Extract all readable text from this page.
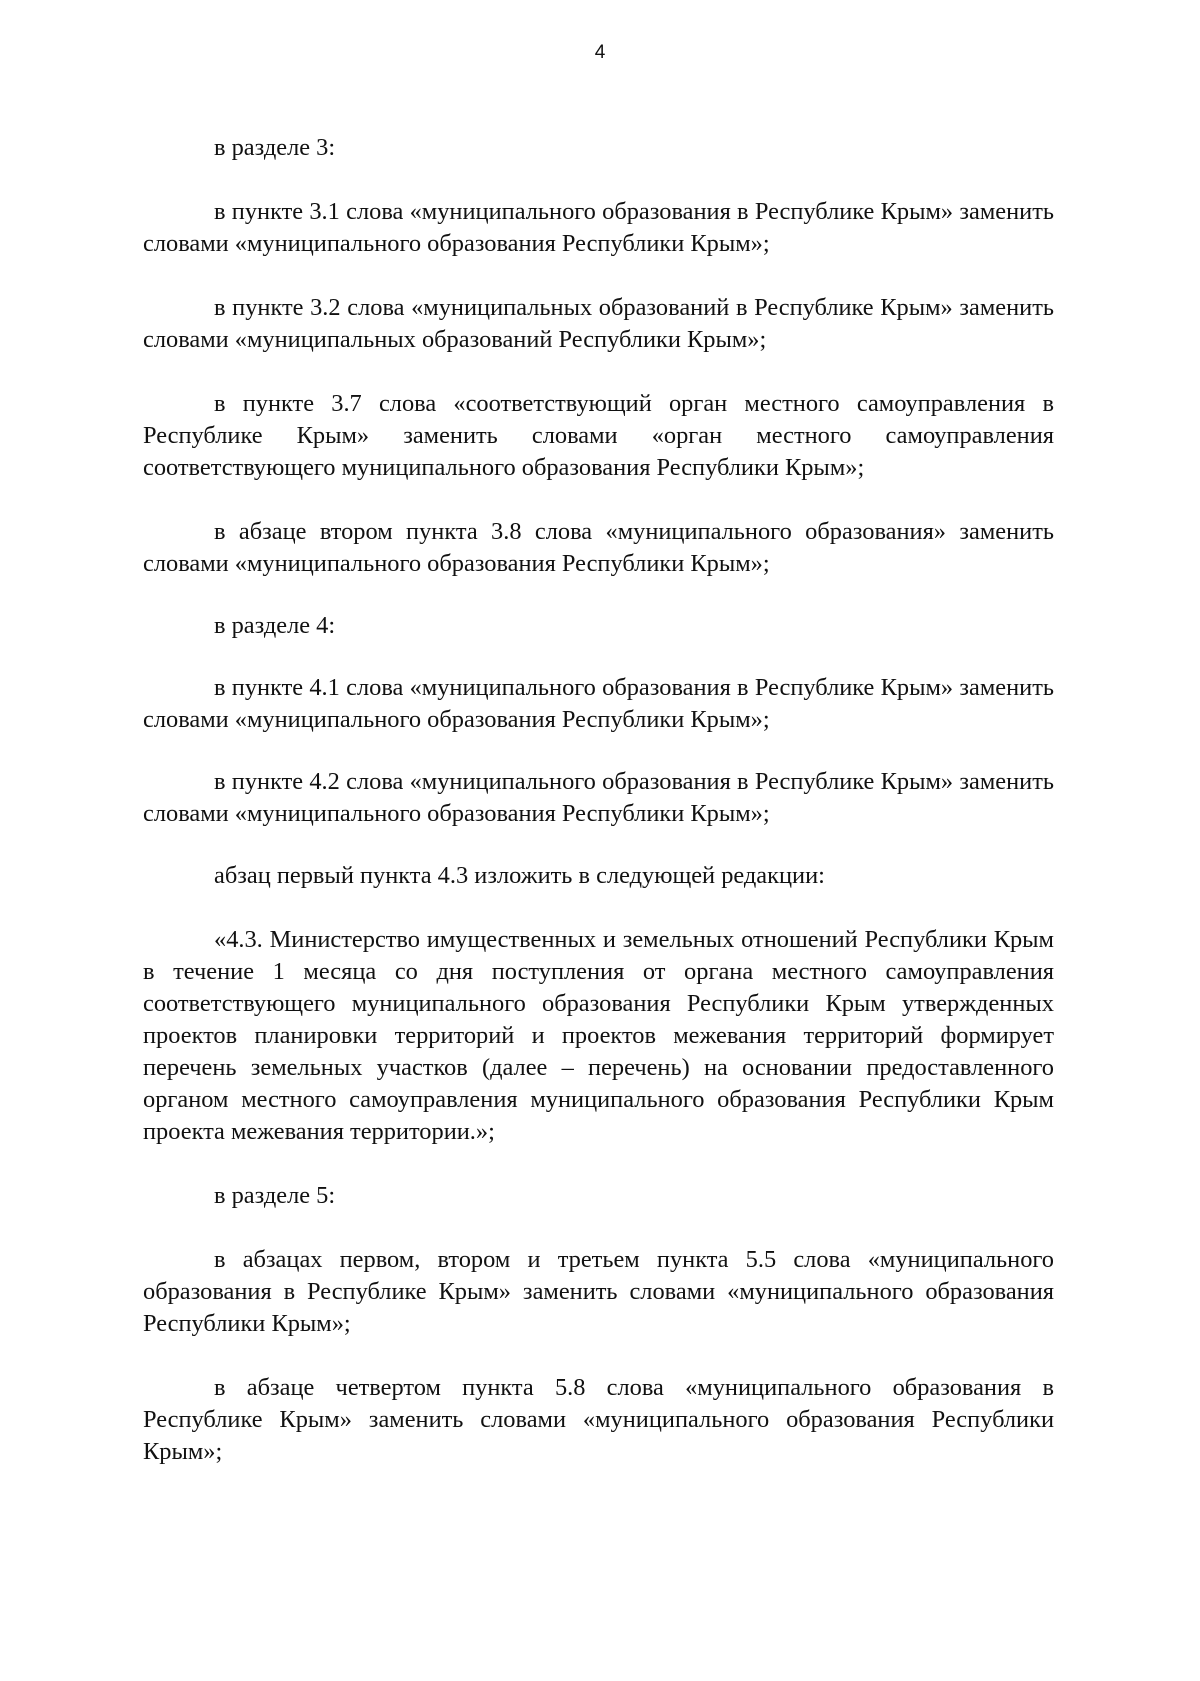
4

в разделе 3:

в пункте 3.1 слова «муниципального образования в Республике Крым» заменить словами «муниципального образования Республики Крым»;

в пункте 3.2 слова «муниципальных образований в Республике Крым» заменить словами «муниципальных образований Республики Крым»;

в пункте 3.7 слова «соответствующий орган местного самоуправления в Республике Крым» заменить словами «орган местного самоуправления соответствующего муниципального образования Республики Крым»;

в абзаце втором пункта 3.8 слова «муниципального образования» заменить словами «муниципального образования Республики Крым»;

в разделе 4:

в пункте 4.1 слова «муниципального образования в Республике Крым» заменить словами «муниципального образования Республики Крым»;

в пункте 4.2 слова «муниципального образования в Республике Крым» заменить словами «муниципального образования Республики Крым»;

абзац первый пункта 4.3 изложить в следующей редакции:

«4.3. Министерство имущественных и земельных отношений Республики Крым в течение 1 месяца со дня поступления от органа местного самоуправления соответствующего муниципального образования Республики Крым утвержденных проектов планировки территорий и проектов межевания территорий формирует перечень земельных участков (далее – перечень) на основании предоставленного органом местного самоуправления муниципального образования Республики Крым проекта межевания территории.»;

в разделе 5:

в абзацах первом, втором и третьем пункта 5.5 слова «муниципального образования в Республике Крым» заменить словами «муниципального образования Республики Крым»;

в абзаце четвертом пункта 5.8 слова «муниципального образования в Республике Крым» заменить словами «муниципального образования Республики Крым»;
